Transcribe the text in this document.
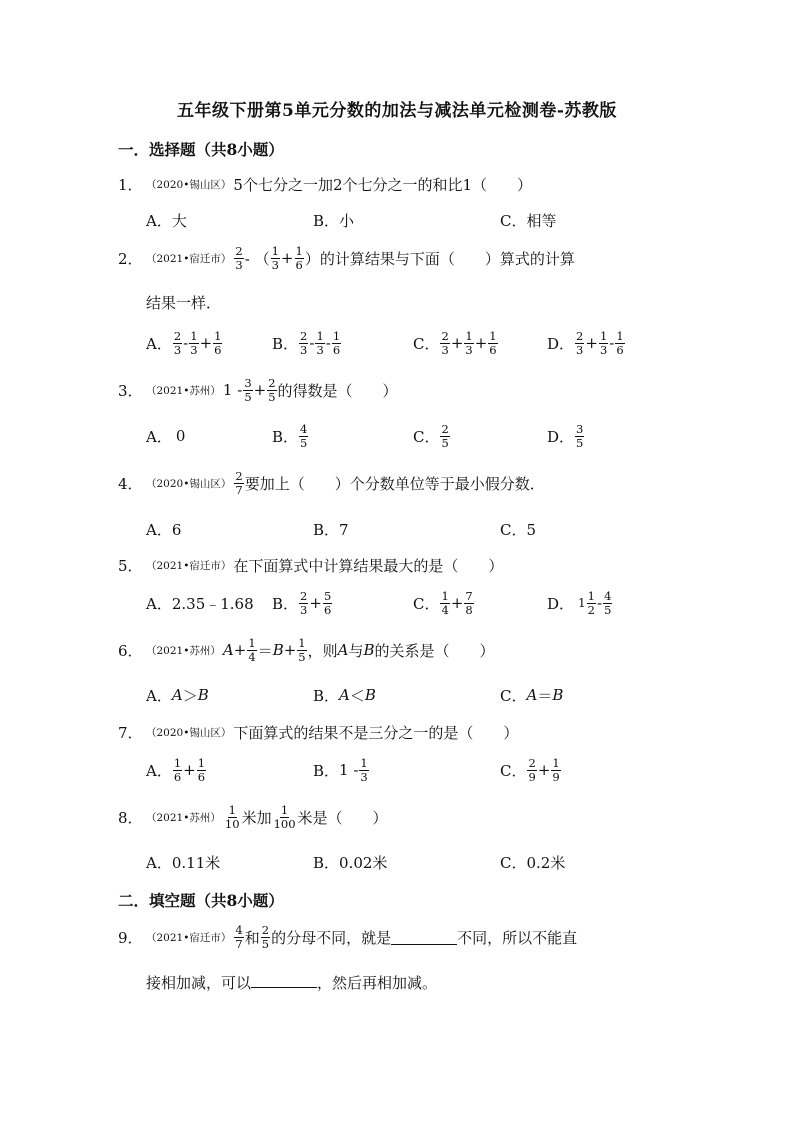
五年级下册第5单元分数的加法与减法单元检测卷-苏教版
一．选择题（共8小题）
1． （2020•锡山区） 5个七分之一加2个七分之一的和比1（　　）
A．大	B．小	C．相等
2． （2021•宿迁市） $\frac{2}{3}$ - （ $\frac{1}{3} + \frac{1}{6}$ ）的计算结果与下面（　　）算式的计算
结果一样．
A． $\frac{2}{3} - \frac{1}{3} + \frac{1}{6}$	B． $\frac{2}{3} - \frac{1}{3} - \frac{1}{6}$	C． $\frac{2}{3} + \frac{1}{3} + \frac{1}{6}$	D． $\frac{2}{3} + \frac{1}{3} - \frac{1}{6}$
3． （2021•苏州） $1 - \frac{3}{5} + \frac{2}{5}$ 的得数是（　　）
A． 0	B． $\frac{4}{5}$	C． $\frac{2}{5}$	D． $\frac{3}{5}$
4． （2020•锡山区） $\frac{2}{7}$ 要加上（　　）个分数单位等于最小假分数．
A．6	B．7	C．5
5． （2021•宿迁市） 在下面算式中计算结果最大的是（　　）
A． 2.35﹣1.68 B． $\frac{2}{3} + \frac{5}{6}$	C． $\frac{1}{4} + \frac{7}{8}$	D． $1 \frac{1}{2} - \frac{4}{5}$
6． （2021•苏州） $A + \frac{1}{4} = B + \frac{1}{5}$ ，则 A 与 B 的关系是（　　）
A． A ＞ B	B． A ＜ B	C． A ＝ B
7． （2020•锡山区） 下面算式的结果不是三分之一的是（　　）
A． $\frac{1}{6} + \frac{1}{6}$	B． $1 - \frac{1}{3}$	C． $\frac{2}{9} + \frac{1}{9}$
8． （2021•苏州） $\frac{1}{10}$ 米加 $\frac{1}{100}$ 米是（　　）
A．0.11米	B．0.02米	C．0.2米
二．填空题（共8小题）
9． （2021•宿迁市） $\frac{4}{7}$ 和 $\frac{2}{5}$ 的分母不同，就是	不同，所以不能直
接相加减，可以	，然后再相加减。
